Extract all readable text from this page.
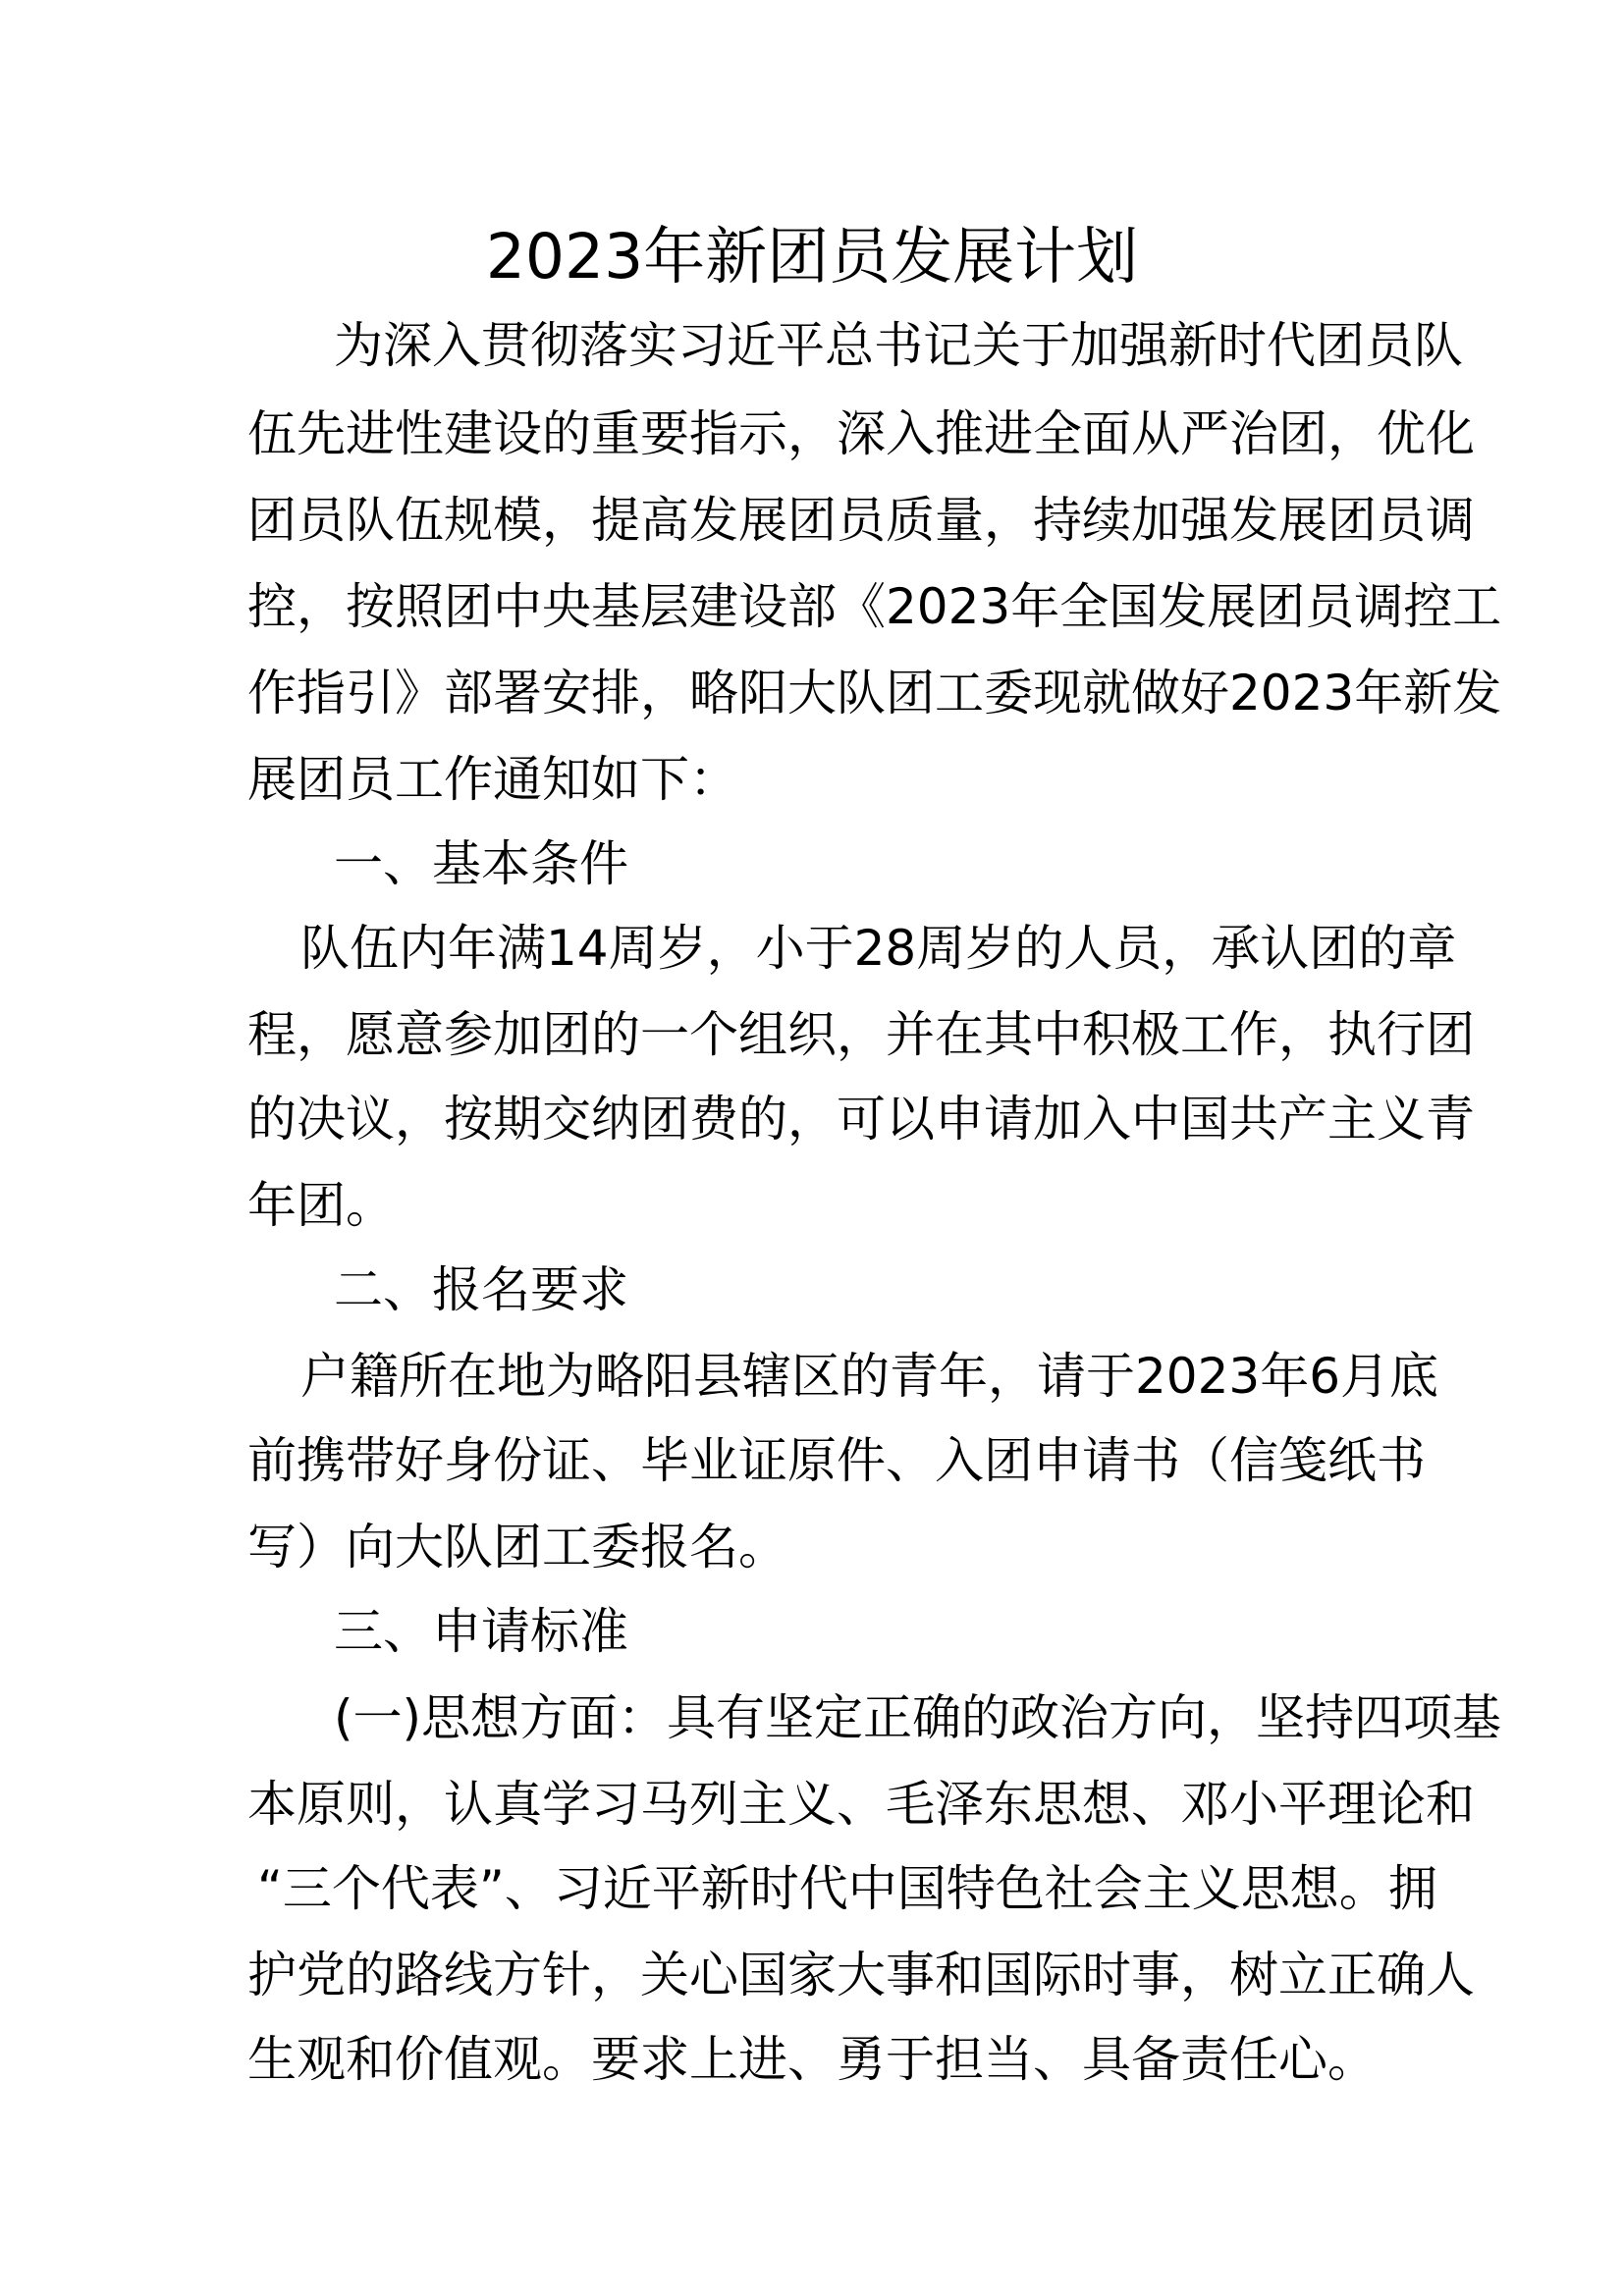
2023年新团员发展计划

为深入贯彻落实习近平总书记关于加强新时代团员队

伍先进性建设的重要指示，深入推进全面从严治团，优化

团员队伍规模，提高发展团员质量，持续加强发展团员调

控，按照团中央基层建设部《2023年全国发展团员调控工

作指引》部署安排，略阳大队团工委现就做好2023年新发

展团员工作通知如下：

一、基本条件

队伍内年满14周岁，小于28周岁的人员，承认团的章

程，愿意参加团的一个组织，并在其中积极工作，执行团

的决议，按期交纳团费的，可以申请加入中国共产主义青

年团。

二、报名要求

户籍所在地为略阳县辖区的青年，请于2023年6月底

前携带好身份证、毕业证原件、入团申请书（信笺纸书

写）向大队团工委报名。

三、申请标准

(一)思想方面：具有坚定正确的政治方向，坚持四项基

本原则，认真学习马列主义、毛泽东思想、邓小平理论和

“三个代表”、习近平新时代中国特色社会主义思想。拥

护党的路线方针，关心国家大事和国际时事，树立正确人

生观和价值观。要求上进、勇于担当、具备责任心。
